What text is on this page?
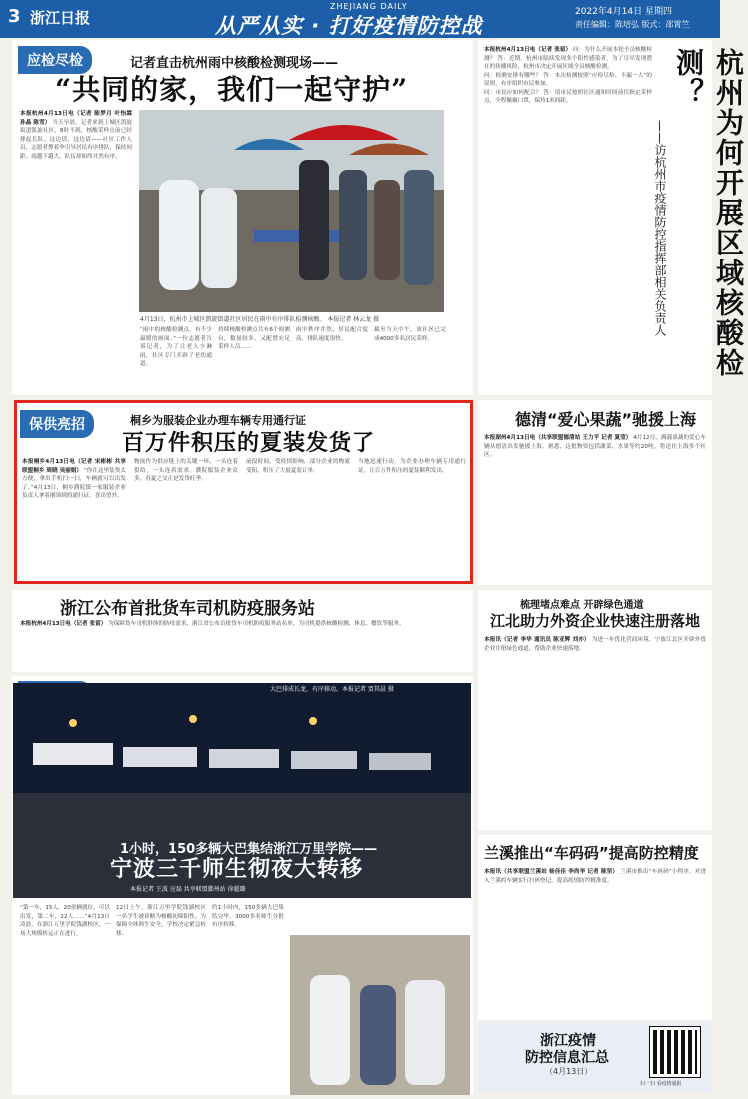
3 浙江日报
ZHEJIANG DAILY
从严从实 · 打好疫情防控战
2022年4月14日 星期四
责任编辑：陈培弘 版式：邵霄竺
应检尽检	记者直击杭州雨中核酸检测现场——
“共同的家，我们一起守护”
本报杭州4月13日电（记者 陈梦月 叶怡霖 孙晶 陈雪） 当天早晨，记者来到上城区凯旋街道凯旋社区，8时不到，核酸采样点前已经排起长队。这边请，这边请——社区工作人员、志愿者撑着伞引导居民有序排队，保持间距。雨越下越大，队伍却始终井然有序。
4月13日，杭州市上城区凯旋街道社区居民在雨中有序排队检测核酸。 本报记者 林云龙 摄
“雨中的核酸检测点，有不少温暖的画面。”一位志愿者告诉记者，为了让老人少淋雨，社区专门开辟了老幼通道。
持续核酸检测点共有6个检测台，数量较多，又配置充足采样人员……
雨中秩序井然，居民配合度高，排队速度很快。
截至当天中午，该社区已完成4000多名居民采样。
本报杭州4月13日电（记者 张留） 问：为什么开展本轮全员核酸检测？ 答：近期，杭州市陆续发现多个阳性感染者，为了尽早发现潜在的传播风险，杭州市决定开展区域全员核酸检测。
问：检测安排有哪些？ 答：本次检测按照“应检尽检、不漏一人”的原则，有序组织市民参加。
问：市民应如何配合？ 答：请市民按照社区通知时间前往指定采样点，全程佩戴口罩，保持1米间距。	杭州为何开展区域核酸检测？
——访杭州市疫情防控指挥部相关负责人
保供亮招	桐乡为服装企业办理车辆专用通行证
百万件积压的夏装发货了
本报桐乡4月13日电（记者 宋彬彬 共享联盟桐乡 周晓 吴丽娟） “你在这里装货太方便，拿出手机扫一扫，车辆就可以出发了。”4月13日，桐乡濮院镇一家服装企业负责人拿着刚领到的通行证，喜出望外。
物流作为供应链上的关键一环，一头连着供给，一头连着需求。濮院服装企业众多，春夏之交正是发货旺季。
前段时间，受疫情影响，部分企业的物流受阻，积压了大量夏装订单。
当地迅速行动，为企业办理车辆专用通行证，让百万件积压的夏装顺利发出。
德清“爱心果蔬”驰援上海
本报湖州4月13日电（共享联盟德清站 王力平 记者 夏莹） 4月12日，满载果蔬的爱心车辆从德清出发驰援上海。据悉，这批物资包括蔬菜、水果等约20吨，将送往上海多个社区。
浙江公布首批货车司机防疫服务站
本报杭州4月13日电（记者 张留） 为保障货车司机群体的防疫需求，浙江省公布首批货车司机防疫服务站名单，为司机提供核酸检测、休息、餐饮等服务。
梳理堵点难点 开辟绿色通道
江北助力外资企业快速注册落地
本报讯（记者 李华 通讯员 陈亚辉 刘亦） 为进一步优化营商环境，宁波江北区开辟外资企业注册绿色通道，帮助企业快速落地。
大巴排成长龙，有序移动。本报记者 贾其晨 摄
1小时，150多辆大巴集结浙江万里学院——
宁波三千师生彻夜大转移
本报记者 王波 应磊 共享联盟鄞州站 徐超璐
“第一车，15人，20余辆就位，可以出发，第二车，22人……”4月13日凌晨，在浙江万里学院钱湖校区，一场大规模转运正在进行。
12日上午，浙江万里学院钱湖校区一名学生被诊断为核酸初筛阳性。为保障全体师生安全，学校决定紧急转移。
约1小时内，150多辆大巴集结完毕，3000多名师生分批有序转移。
兰溪推出“车码码”提高防控精度
本报讯（共享联盟兰溪站 杨佳佳 李尚华 记者 陈坚） 兰溪市推出“车码码”小程序，对进入兰溪的车辆实行扫码登记，提高疫情防控精准度。
浙江疫情
防控信息汇总
（4月13日）
扫一扫 看疫情通报
